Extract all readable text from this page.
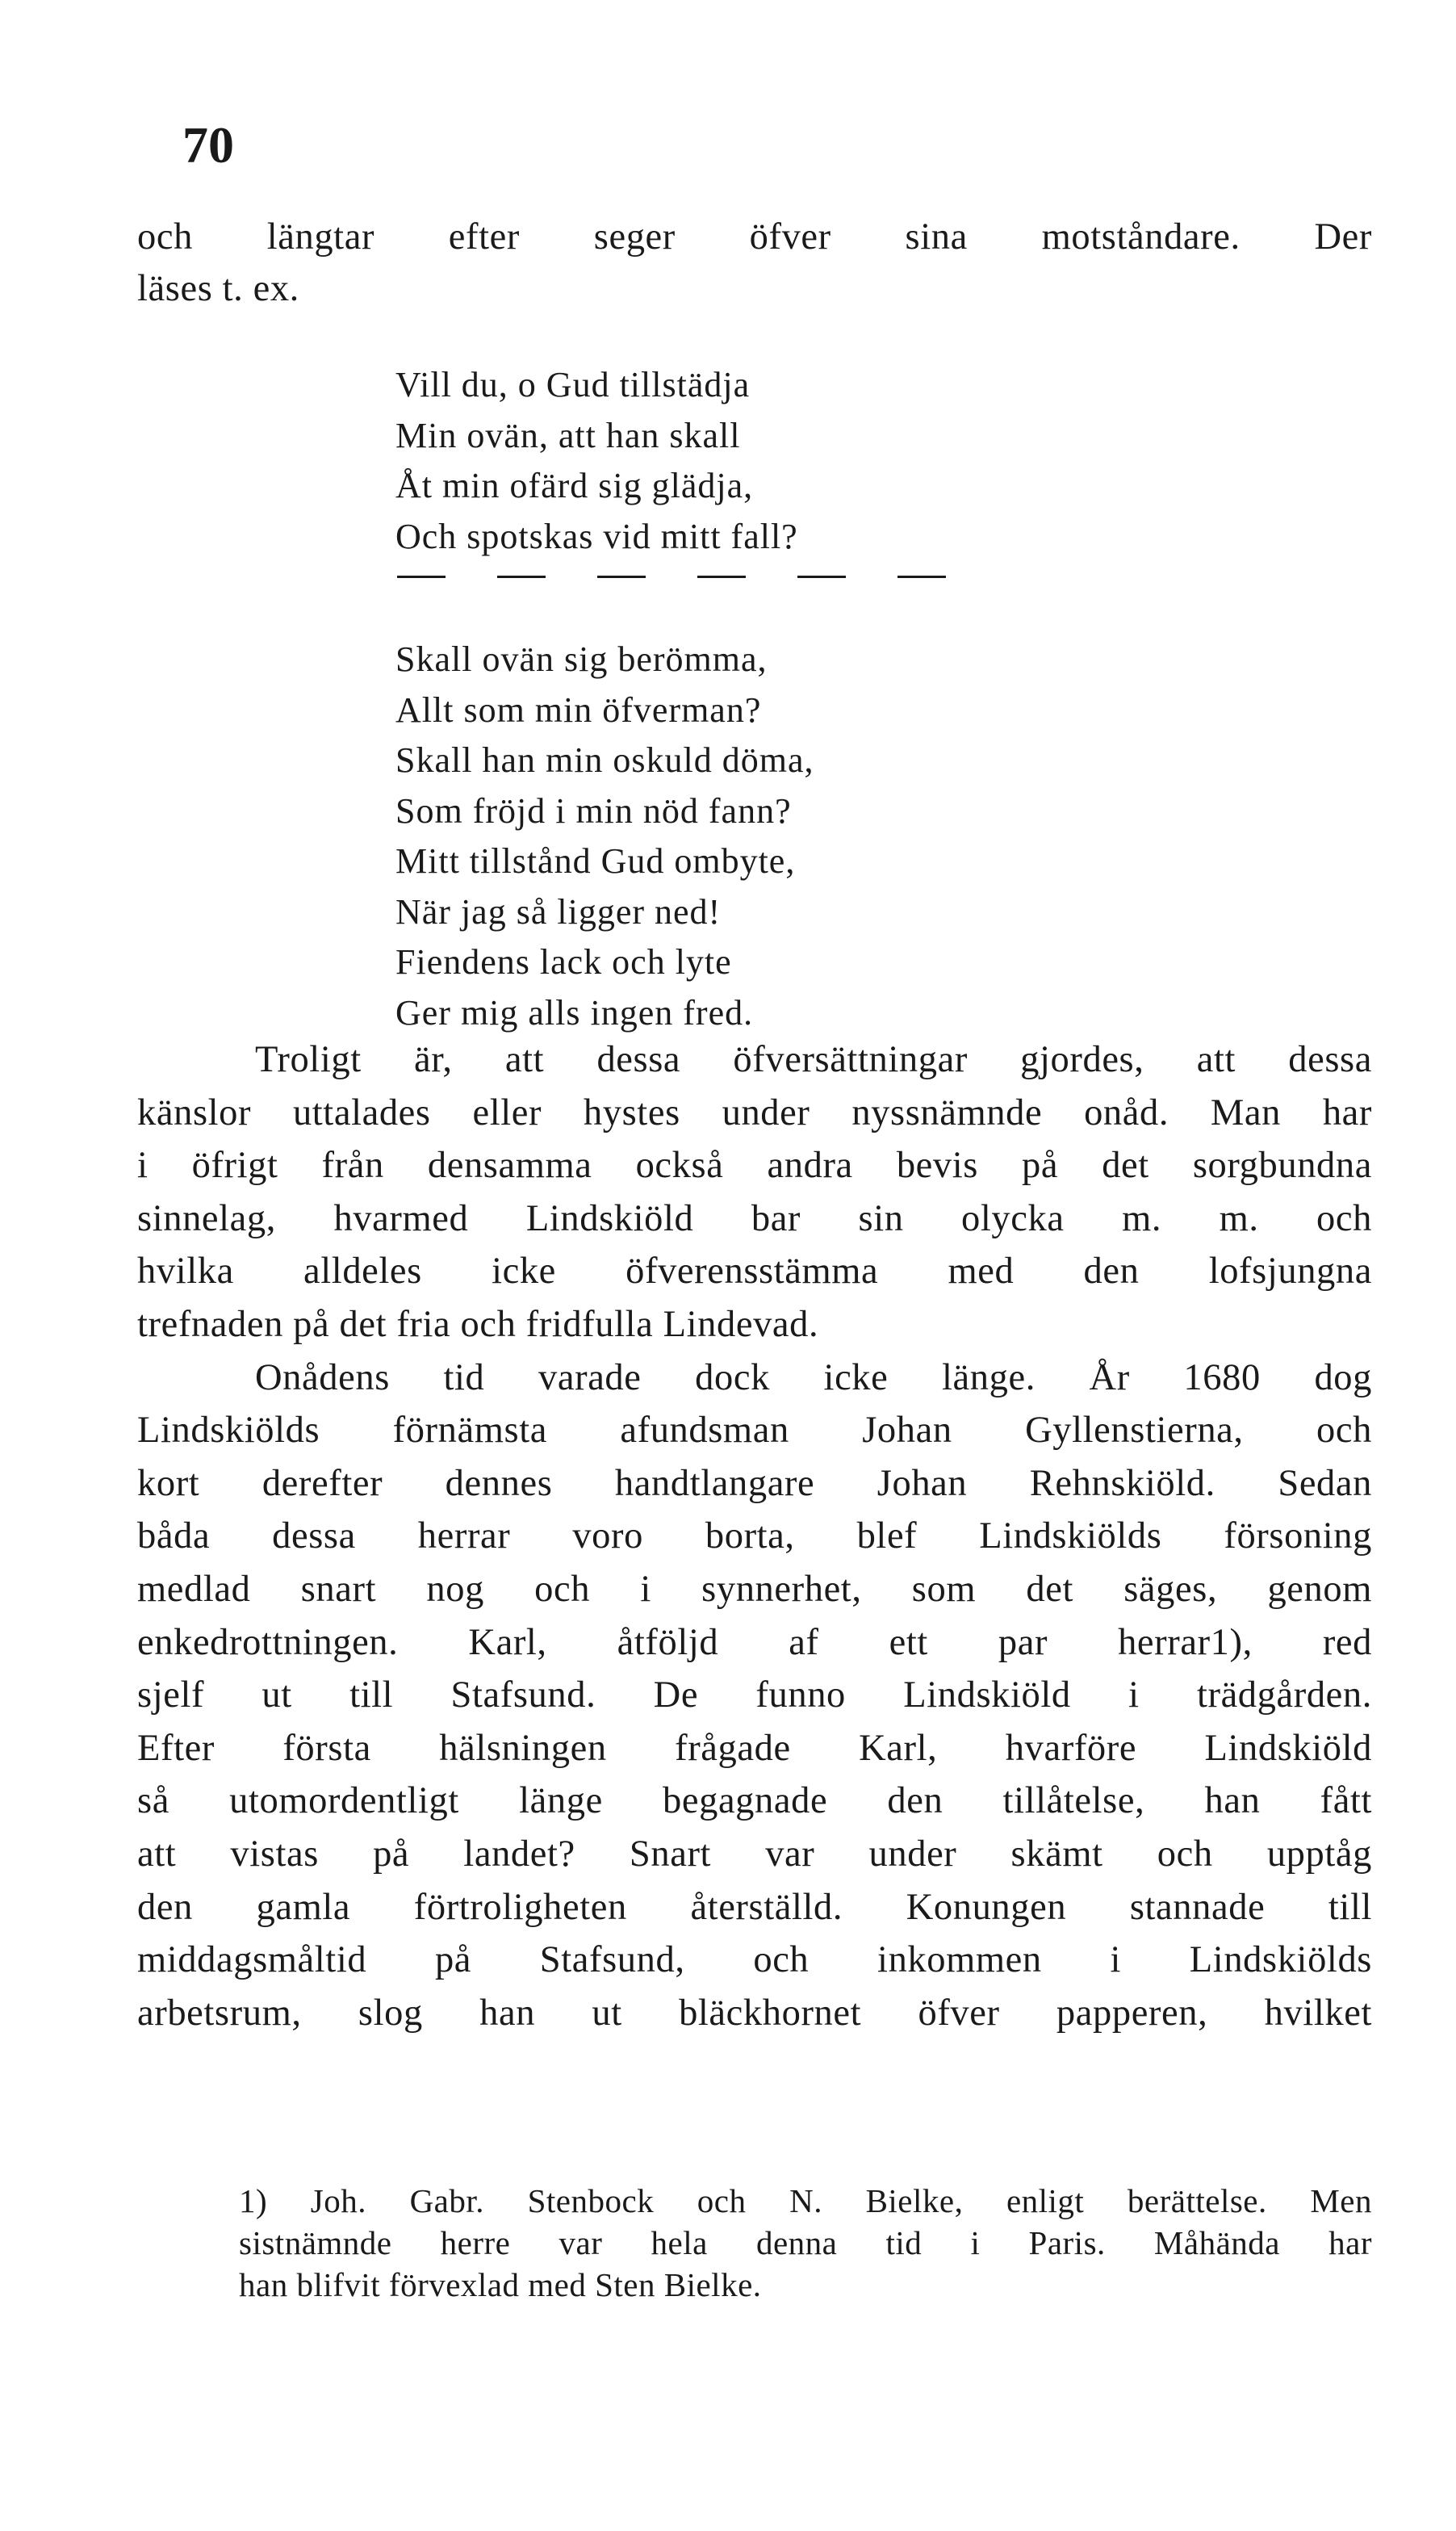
70
och längtar efter seger öfver sina motståndare. Der
läses t. ex.
Vill du, o Gud tillstädja
Min ovän, att han skall
Åt min ofärd sig glädja,
Och spotskas vid mitt fall?
Skall ovän sig berömma,
Allt som min öfverman?
Skall han min oskuld döma,
Som fröjd i min nöd fann?
Mitt tillstånd Gud ombyte,
När jag så ligger ned!
Fiendens lack och lyte
Ger mig alls ingen fred.
Troligt är, att dessa öfversättningar gjordes, att dessa
känslor uttalades eller hystes under nyssnämnde onåd. Man har
i öfrigt från densamma också andra bevis på det sorgbundna
sinnelag, hvarmed Lindskiöld bar sin olycka m. m. och
hvilka alldeles icke öfverensstämma med den lofsjungna
trefnaden på det fria och fridfulla Lindevad.
Onådens tid varade dock icke länge. År 1680 dog
Lindskiölds förnämsta afundsman Johan Gyllenstierna, och
kort derefter dennes handtlangare Johan Rehnskiöld. Sedan
båda dessa herrar voro borta, blef Lindskiölds försoning
medlad snart nog och i synnerhet, som det säges, genom
enkedrottningen. Karl, åtföljd af ett par herrar1), red
sjelf ut till Stafsund. De funno Lindskiöld i trädgården.
Efter första hälsningen frågade Karl, hvarföre Lindskiöld
så utomordentligt länge begagnade den tillåtelse, han fått
att vistas på landet? Snart var under skämt och upptåg
den gamla förtroligheten återställd. Konungen stannade till
middagsmåltid på Stafsund, och inkommen i Lindskiölds
arbetsrum, slog han ut bläckhornet öfver papperen, hvilket
1) Joh. Gabr. Stenbock och N. Bielke, enligt berättelse. Men
sistnämnde herre var hela denna tid i Paris. Måhända har
han blifvit förvexlad med Sten Bielke.
